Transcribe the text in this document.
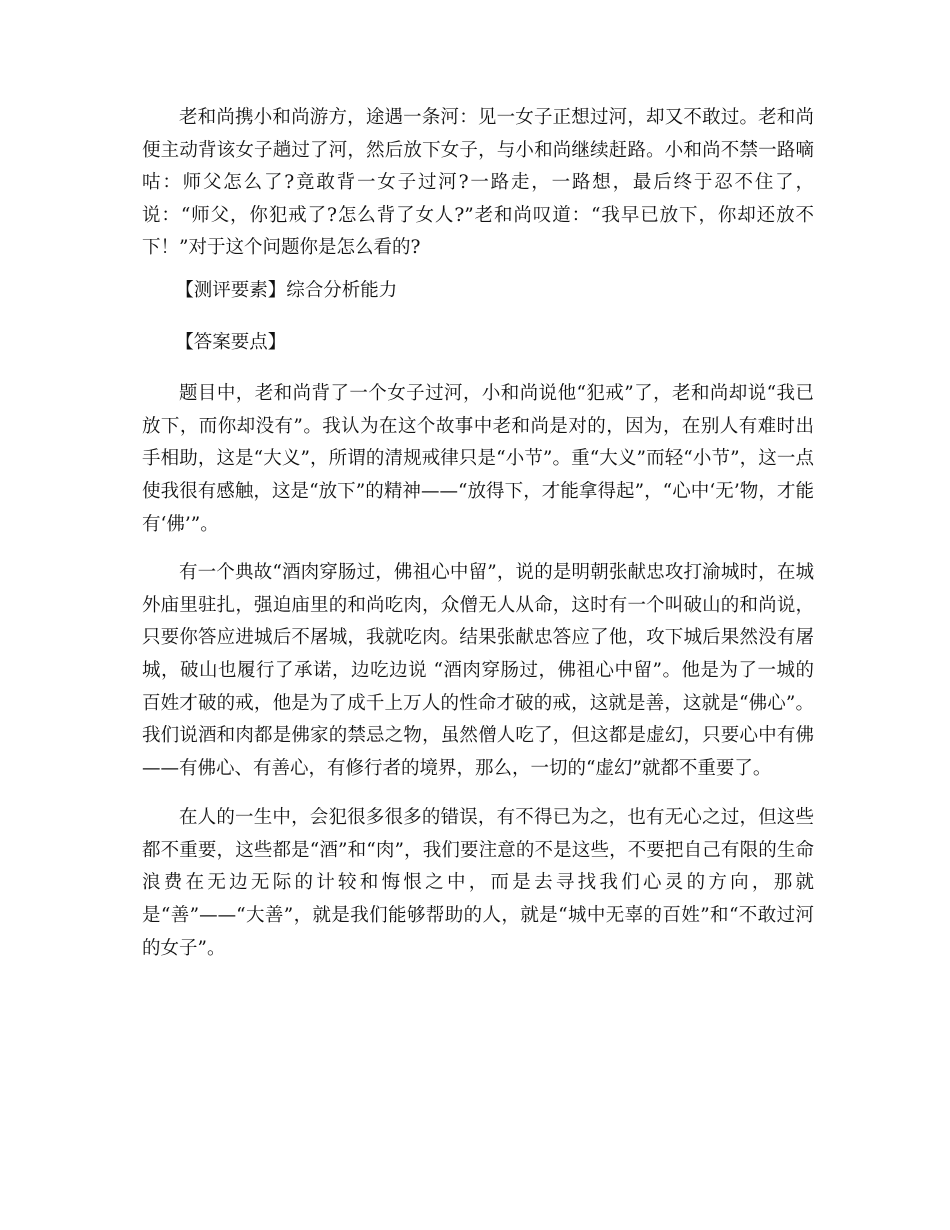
老和尚携小和尚游方，途遇一条河：见一女子正想过河，却又不敢过。老和尚便主动背该女子趟过了河，然后放下女子，与小和尚继续赶路。小和尚不禁一路嘀咕：师父怎么了?竟敢背一女子过河?一路走，一路想，最后终于忍不住了，说：“师父，你犯戒了?怎么背了女人?”老和尚叹道：“我早已放下，你却还放不下！”对于这个问题你是怎么看的?

【测评要素】综合分析能力

【答案要点】

题目中，老和尚背了一个女子过河，小和尚说他“犯戒”了，老和尚却说“我已放下，而你却没有”。我认为在这个故事中老和尚是对的，因为，在别人有难时出手相助，这是“大义”，所谓的清规戒律只是“小节”。重“大义”而轻“小节”，这一点使我很有感触，这是“放下”的精神——“放得下，才能拿得起”，“心中‘无’物，才能有‘佛’”。

有一个典故“酒肉穿肠过，佛祖心中留”，说的是明朝张献忠攻打渝城时，在城外庙里驻扎，强迫庙里的和尚吃肉，众僧无人从命，这时有一个叫破山的和尚说，只要你答应进城后不屠城，我就吃肉。结果张献忠答应了他，攻下城后果然没有屠城，破山也履行了承诺，边吃边说 “酒肉穿肠过，佛祖心中留”。他是为了一城的百姓才破的戒，他是为了成千上万人的性命才破的戒，这就是善，这就是“佛心”。我们说酒和肉都是佛家的禁忌之物，虽然僧人吃了，但这都是虚幻，只要心中有佛——有佛心、有善心，有修行者的境界，那么，一切的“虚幻”就都不重要了。

在人的一生中，会犯很多很多的错误，有不得已为之，也有无心之过，但这些都不重要，这些都是“酒”和“肉”，我们要注意的不是这些，不要把自己有限的生命浪费在无边无际的计较和悔恨之中，而是去寻找我们心灵的方向，那就是“善”——“大善”，就是我们能够帮助的人，就是“城中无辜的百姓”和“不敢过河的女子”。
